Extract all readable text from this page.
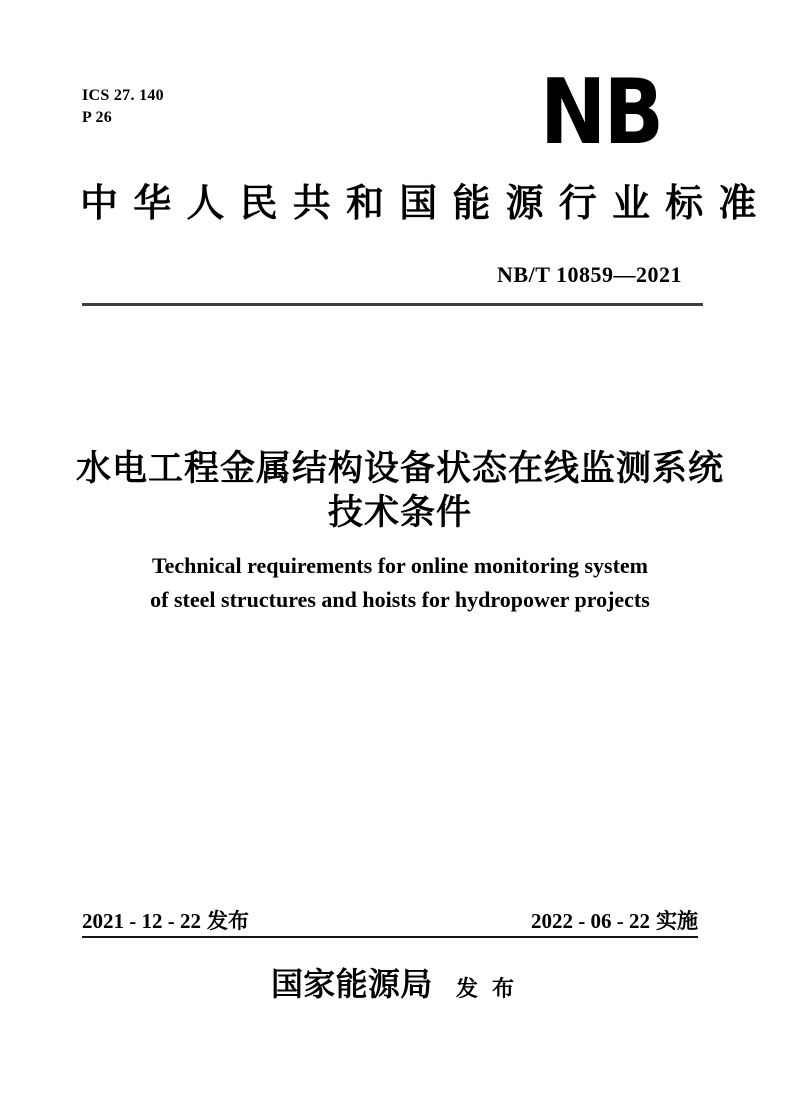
ICS 27. 140
P 26	NB
中华人民共和国能源行业标准
NB/T 10859—2021
水电工程金属结构设备状态在线监测系统
技术条件
Technical requirements for online monitoring system
of steel structures and hoists for hydropower projects
2021 - 12 - 22 发布	2022 - 06 - 22 实施
国家能源局 发布
